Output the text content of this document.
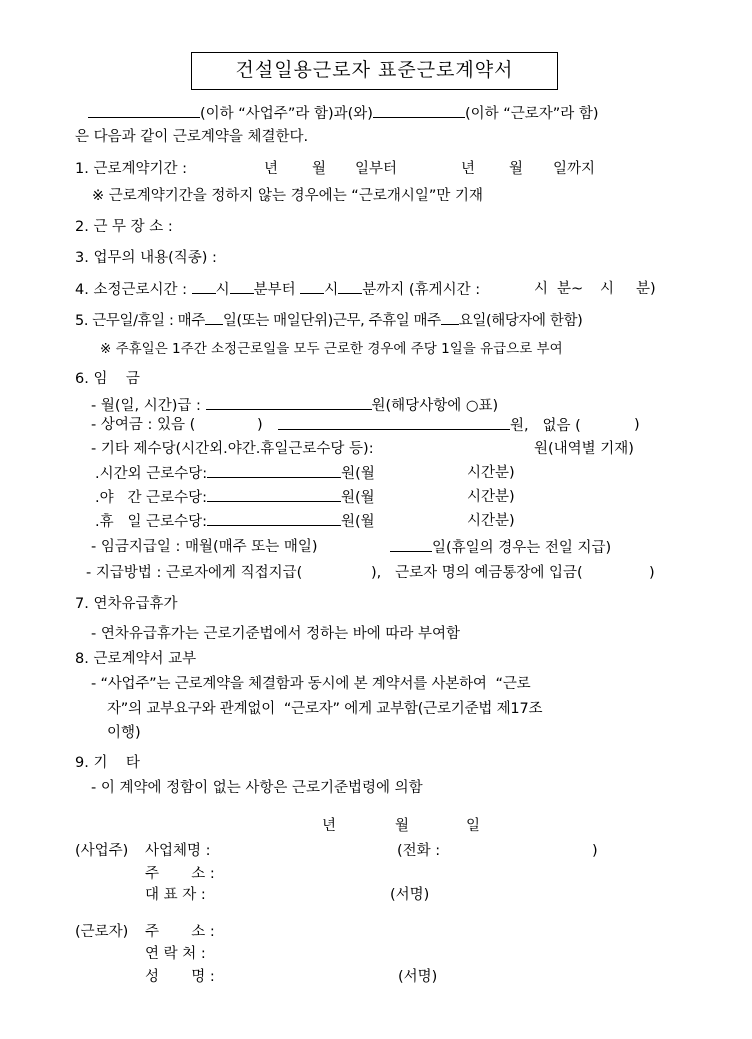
건설일용근로자 표준근로계약서
(이하 “사업주”라 함)과(와)	(이하 “근로자”라 함)
은 다음과 같이 근로계약을 체결한다.
1. 근로계약기간 :	년 월 일부터	년 월 일까지
※ 근로계약기간을 정하지 않는 경우에는 “근로개시일”만 기재
2. 근 무 장 소 :
3. 업무의 내용(직종) :
4. 소정근로시간 : 시 분부터 시 분까지 (휴게시간 :	시 분~ 시 분)
5. 근무일/휴일 : 매주 일(또는 매일단위)근무, 주휴일 매주 요일(해당자에 한함)
※ 주휴일은 1주간 소정근로일을 모두 근로한 경우에 주당 1일을 유급으로 부여
6. 임    금
- 월(일, 시간)급 :	원(해당사항에 ○표)
- 상여금 : 있음 (	)	원,   없음 (	)
- 기타 제수당(시간외.야간.휴일근로수당 등):	원(내역별 기재)
.시간외 근로수당:	원(월	시간분)
.야   간 근로수당:	원(월	시간분)
.휴   일 근로수당:	원(월	시간분)
- 임금지급일 : 매월(매주 또는 매일)	일(휴일의 경우는 전일 지급)
- 지급방법 : 근로자에게 직접지급(	),   근로자 명의 예금통장에 입금(	)
7. 연차유급휴가
- 연차유급휴가는 근로기준법에서 정하는 바에 따라 부여함
8. 근로계약서 교부
- “사업주”는 근로계약을 체결함과 동시에 본 계약서를 사본하여  “근로
자”의 교부요구와 관계없이  “근로자” 에게 교부함(근로기준법 제17조
이행)
9. 기    타
- 이 계약에 정함이 없는 사항은 근로기준법령에 의함
년	월	일
(사업주) 사업체명 :	(전화 :	)
주       소 :
대 표 자 :	(서명)
(근로자) 주       소 :
연 락 처 :
성       명 :	(서명)
